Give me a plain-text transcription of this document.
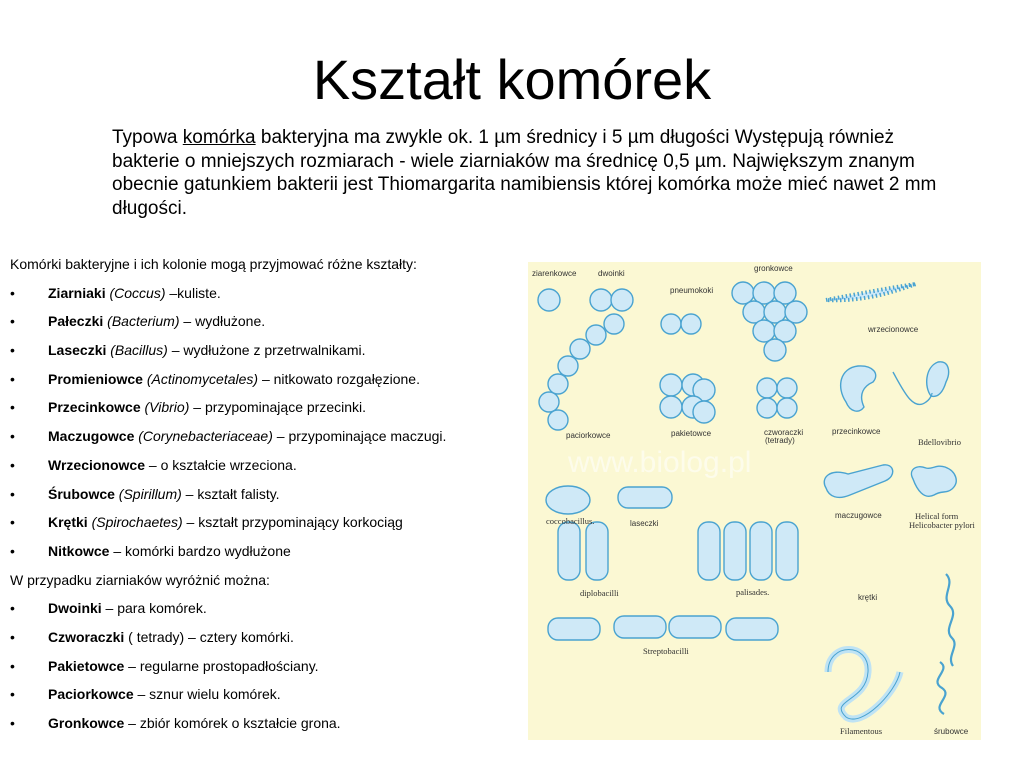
Kształt komórek
Typowa komórka bakteryjna ma zwykle ok. 1 µm średnicy i 5 µm długości Występują również bakterie o mniejszych rozmiarach - wiele ziarniaków ma średnicę 0,5 µm. Największym znanym obecnie gatunkiem bakterii jest Thiomargarita namibiensis której komórka może mieć nawet 2 mm długości.
Komórki bakteryjne i ich kolonie mogą przyjmować różne kształty:
• Ziarniaki (Coccus) –kuliste.
• Pałeczki (Bacterium) – wydłużone.
• Laseczki (Bacillus) – wydłużone z przetrwalnikami.
• Promieniowce (Actinomycetales) – nitkowato rozgałęzione.
• Przecinkowce (Vibrio) – przypominające przecinki.
• Maczugowce (Corynebacteriaceae) – przypominające maczugi.
• Wrzecionowce – o kształcie wrzeciona.
• Śrubowce (Spirillum) – kształt falisty.
• Krętki (Spirochaetes) – kształt przypominający korkociąg
• Nitkowce – komórki bardzo wydłużone
W przypadku ziarniaków wyróżnić można:
• Dwoinki – para komórek.
• Czworaczki ( tetrady) – cztery komórki.
• Pakietowce – regularne prostopadłościany.
• Paciorkowce – sznur wielu komórek.
• Gronkowce – zbiór komórek o kształcie grona.
www.biolog.pl
ziarenkowce	dwoinki
gronkowce
pneumokoki
wrzecionowce
paciorkowce	pakietowce	czworaczki
(tetrady)
przecinkowce
maczugowce
laseczki
krętki
śrubowce
Bdellovibrio
Helical form
Helicobacter pylori
coccobacillus.
diplobacilli	palisades.
Streptobacilli
Filamentous
